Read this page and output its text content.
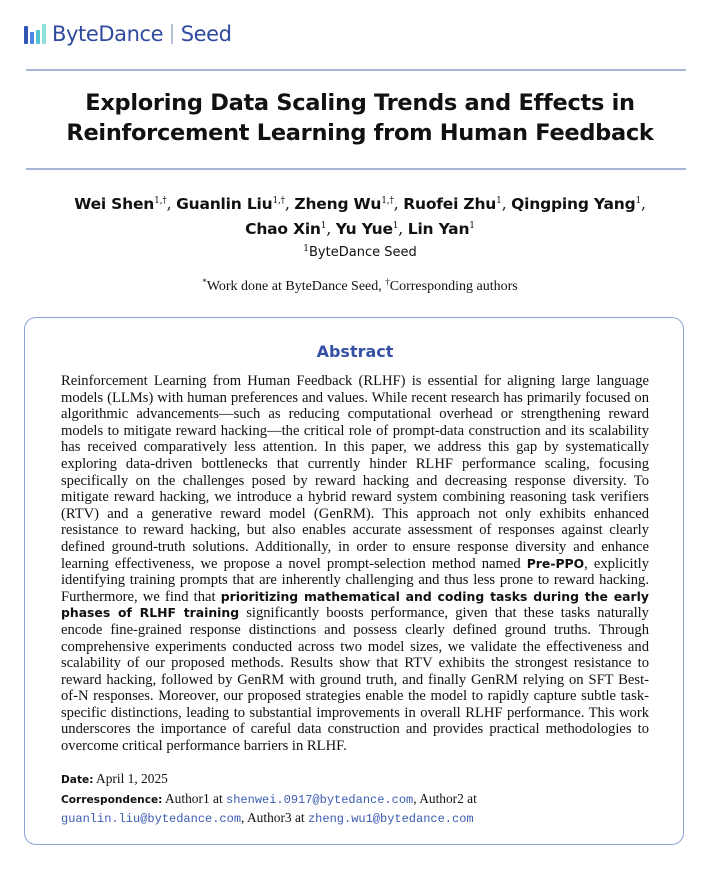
ByteDance Seed
Exploring Data Scaling Trends and Effects in
Reinforcement Learning from Human Feedback
Wei Shen$^{1,\dagger}$, Guanlin Liu$^{1,\dagger}$, Zheng $Wu^{1,\dagger}$, Ruofei Zhu$^1$, Qingping Yang$^1$,
Chao Xin$^1$, Yu Yue$^1$, Lin Yan$^1$
$^1$ByteDance Seed
*Work done at ByteDance Seed, †Corresponding authors
Abstract
Reinforcement Learning from Human Feedback (RLHF) is essential for aligning large language models (LLMs) with human preferences and values. While recent research has primarily focused on algorithmic advancements—such as reducing computational overhead or strengthening reward models to mitigate reward hacking—the critical role of prompt-data construction and its scalability has received comparatively less attention. In this paper, we address this gap by systematically exploring data-driven bottlenecks that currently hinder RLHF performance scaling, focusing specifically on the challenges posed by reward hacking and decreasing response diversity. To mitigate reward hacking, we introduce a hybrid reward system combining reasoning task verifiers (RTV) and a generative reward model (GenRM). This approach not only exhibits enhanced resistance to reward hacking, but also enables accurate assessment of responses against clearly defined ground-truth solutions. Additionally, in order to ensure response diversity and enhance learning effectiveness, we propose a novel prompt-selection method named Pre-PPO, explicitly identifying training prompts that are inherently challenging and thus less prone to reward hacking. Furthermore, we find that prioritizing mathematical and coding tasks during the early phases of RLHF training significantly boosts performance, given that these tasks naturally encode fine-grained response distinctions and possess clearly defined ground truths. Through comprehensive experiments conducted across two model sizes, we validate the effectiveness and scalability of our proposed methods. Results show that RTV exhibits the strongest resistance to reward hacking, followed by GenRM with ground truth, and finally GenRM relying on SFT Best-of-N responses. Moreover, our proposed strategies enable the model to rapidly capture subtle task-specific distinctions, leading to substantial improvements in overall RLHF performance. This work underscores the importance of careful data construction and provides practical methodologies to overcome critical performance barriers in RLHF.
Date: April 1, 2025
Correspondence: Author1 at shenwei.0917@bytedance.com, Author2 at guanlin.liu@bytedance.com, Author3 at zheng.wu1@bytedance.com
